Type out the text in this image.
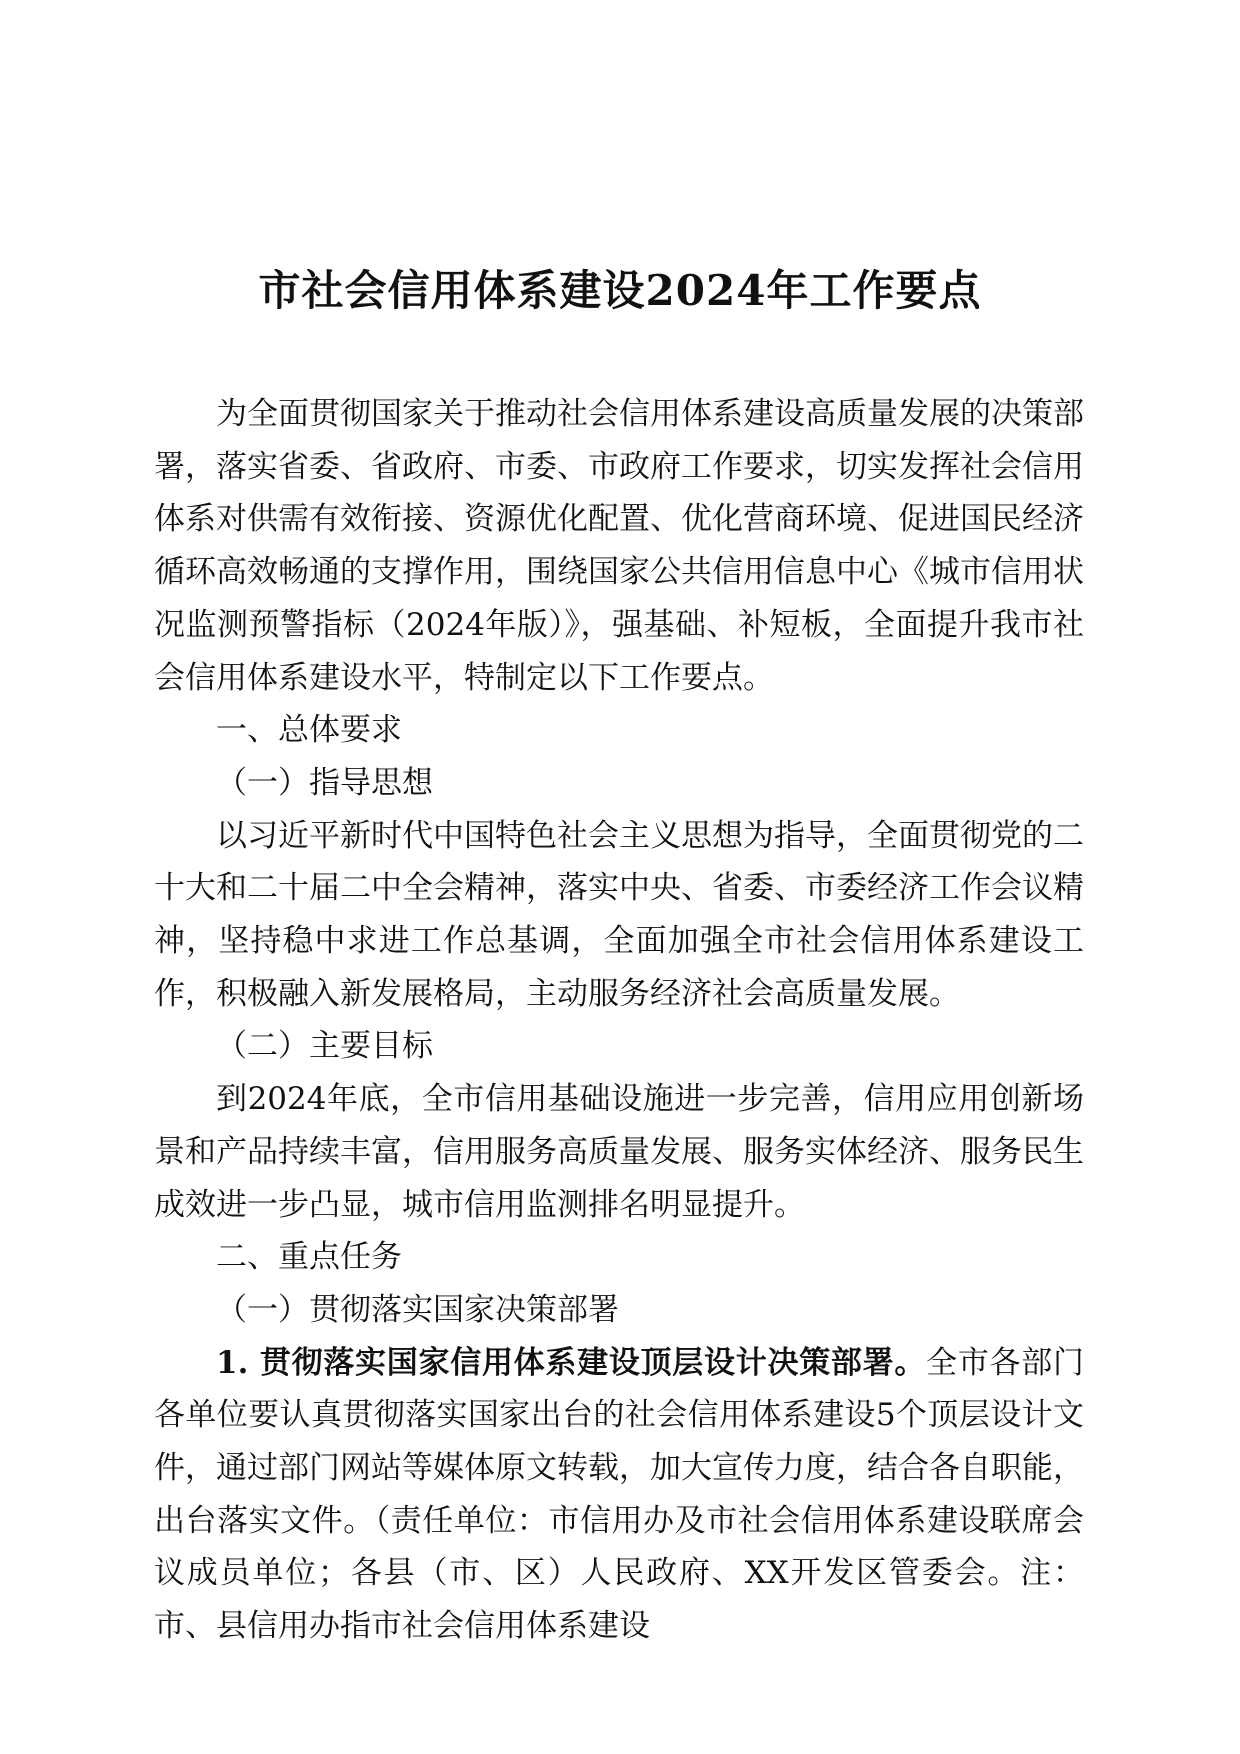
市社会信用体系建设2024年工作要点

为全面贯彻国家关于推动社会信用体系建设高质量发展的决策部署，落实省委、省政府、市委、市政府工作要求，切实发挥社会信用体系对供需有效衔接、资源优化配置、优化营商环境、促进国民经济循环高效畅通的支撑作用，围绕国家公共信用信息中心《城市信用状况监测预警指标（2024年版）》，强基础、补短板，全面提升我市社会信用体系建设水平，特制定以下工作要点。

一、总体要求

（一）指导思想

以习近平新时代中国特色社会主义思想为指导，全面贯彻党的二十大和二十届二中全会精神，落实中央、省委、市委经济工作会议精神，坚持稳中求进工作总基调，全面加强全市社会信用体系建设工作，积极融入新发展格局，主动服务经济社会高质量发展。

（二）主要目标

到2024年底，全市信用基础设施进一步完善，信用应用创新场景和产品持续丰富，信用服务高质量发展、服务实体经济、服务民生成效进一步凸显，城市信用监测排名明显提升。

二、重点任务

（一）贯彻落实国家决策部署

1. 贯彻落实国家信用体系建设顶层设计决策部署。全市各部门各单位要认真贯彻落实国家出台的社会信用体系建设5个顶层设计文件，通过部门网站等媒体原文转载，加大宣传力度，结合各自职能，出台落实文件。（责任单位：市信用办及市社会信用体系建设联席会议成员单位；各县（市、区）人民政府、XX开发区管委会。注：市、县信用办指市社会信用体系建设
